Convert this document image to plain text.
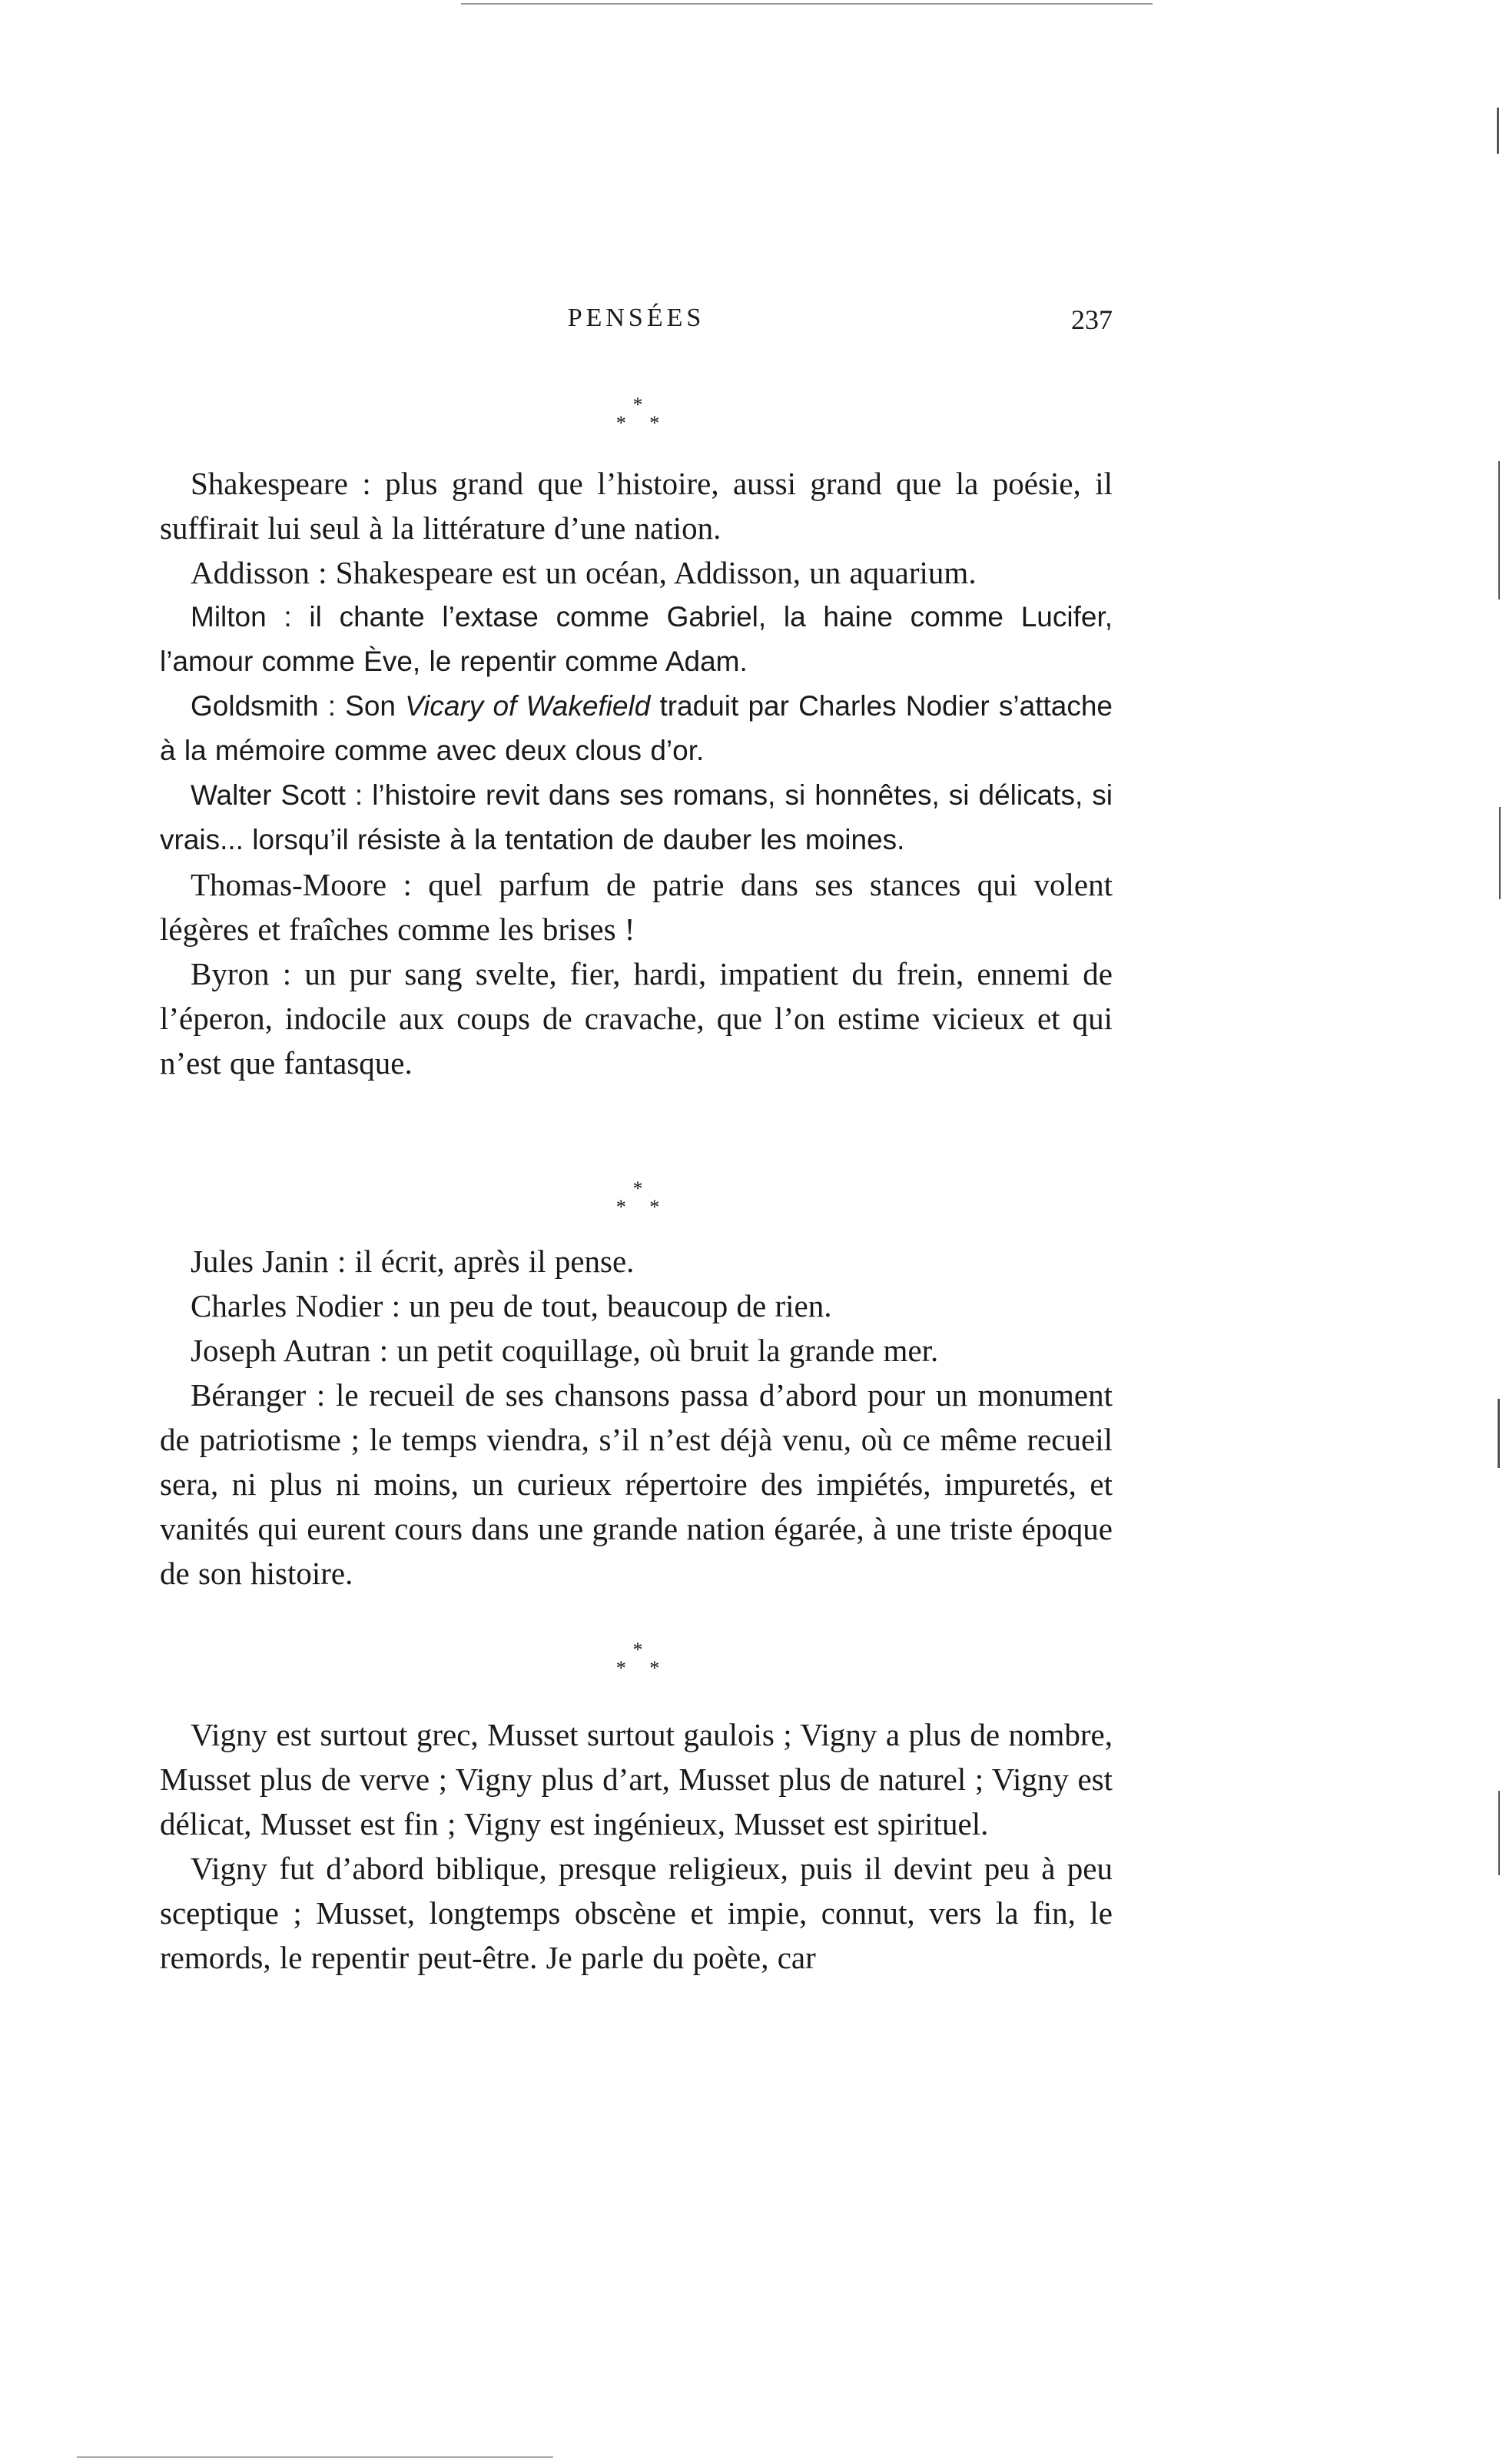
PENSÉES	237
*
* *

Shakespeare : plus grand que l’histoire, aussi grand que la poésie, il suffirait lui seul à la littérature d’une nation.

Addisson : Shakespeare est un océan, Addisson, un aquarium.

Milton : il chante l’extase comme Gabriel, la haine comme Lucifer, l’amour comme Ève, le repentir comme Adam.

Goldsmith : Son Vicary of Wakefield traduit par Charles Nodier s’attache à la mémoire comme avec deux clous d’or.

Walter Scott : l’histoire revit dans ses romans, si honnêtes, si délicats, si vrais... lorsqu’il résiste à la tentation de dauber les moines.

Thomas-Moore : quel parfum de patrie dans ses stances qui volent légères et fraîches comme les brises !

Byron : un pur sang svelte, fier, hardi, impatient du frein, ennemi de l’éperon, indocile aux coups de cravache, que l’on estime vicieux et qui n’est que fantasque.

*
* *

Jules Janin : il écrit, après il pense.

Charles Nodier : un peu de tout, beaucoup de rien.

Joseph Autran : un petit coquillage, où bruit la grande mer.

Béranger : le recueil de ses chansons passa d’abord pour un monument de patriotisme ; le temps viendra, s’il n’est déjà venu, où ce même recueil sera, ni plus ni moins, un curieux répertoire des impiétés, impuretés, et vanités qui eurent cours dans une grande nation égarée, à une triste époque de son histoire.

*
* *

Vigny est surtout grec, Musset surtout gaulois ; Vigny a plus de nombre, Musset plus de verve ; Vigny plus d’art, Musset plus de naturel ; Vigny est délicat, Musset est fin ; Vigny est ingénieux, Musset est spirituel.

Vigny fut d’abord biblique, presque religieux, puis il devint peu à peu sceptique ; Musset, longtemps obscène et impie, connut, vers la fin, le remords, le repentir peut-être. Je parle du poète, car
